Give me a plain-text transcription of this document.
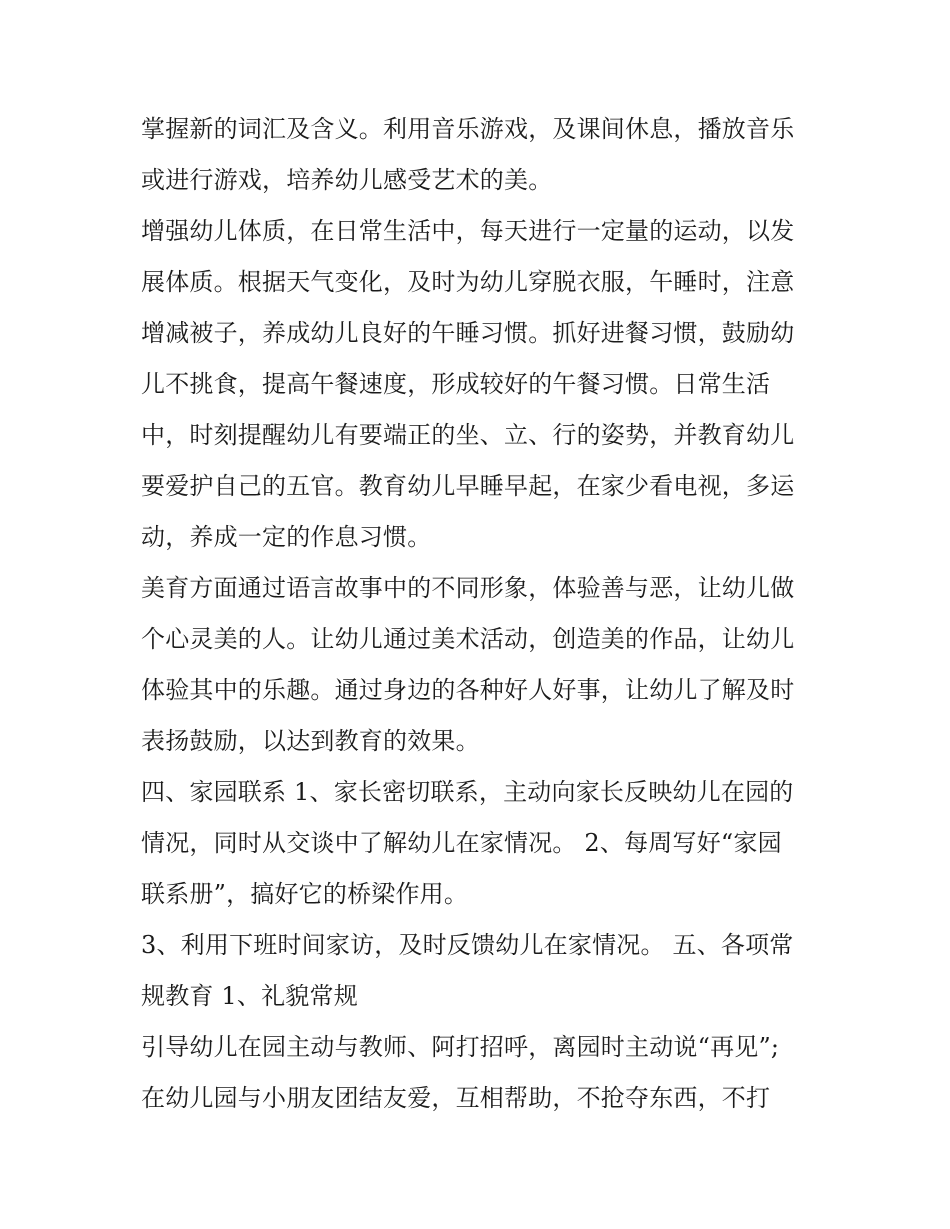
掌握新的词汇及含义。利用音乐游戏，及课间休息，播放音乐
或进行游戏，培养幼儿感受艺术的美。
增强幼儿体质，在日常生活中，每天进行一定量的运动，以发
展体质。根据天气变化，及时为幼儿穿脱衣服，午睡时，注意
增减被子，养成幼儿良好的午睡习惯。抓好进餐习惯，鼓励幼
儿不挑食，提高午餐速度，形成较好的午餐习惯。日常生活
中，时刻提醒幼儿有要端正的坐、立、行的姿势，并教育幼儿
要爱护自己的五官。教育幼儿早睡早起，在家少看电视，多运
动，养成一定的作息习惯。
美育方面通过语言故事中的不同形象，体验善与恶，让幼儿做
个心灵美的人。让幼儿通过美术活动，创造美的作品，让幼儿
体验其中的乐趣。通过身边的各种好人好事，让幼儿了解及时
表扬鼓励，以达到教育的效果。
四、家园联系 1、家长密切联系，主动向家长反映幼儿在园的
情况，同时从交谈中了解幼儿在家情况。 2、每周写好“家园
联系册”，搞好它的桥梁作用。
3、利用下班时间家访，及时反馈幼儿在家情况。 五、各项常
规教育 1、礼貌常规
引导幼儿在园主动与教师、阿打招呼，离园时主动说“再见”;
在幼儿园与小朋友团结友爱，互相帮助，不抢夺东西，不打
